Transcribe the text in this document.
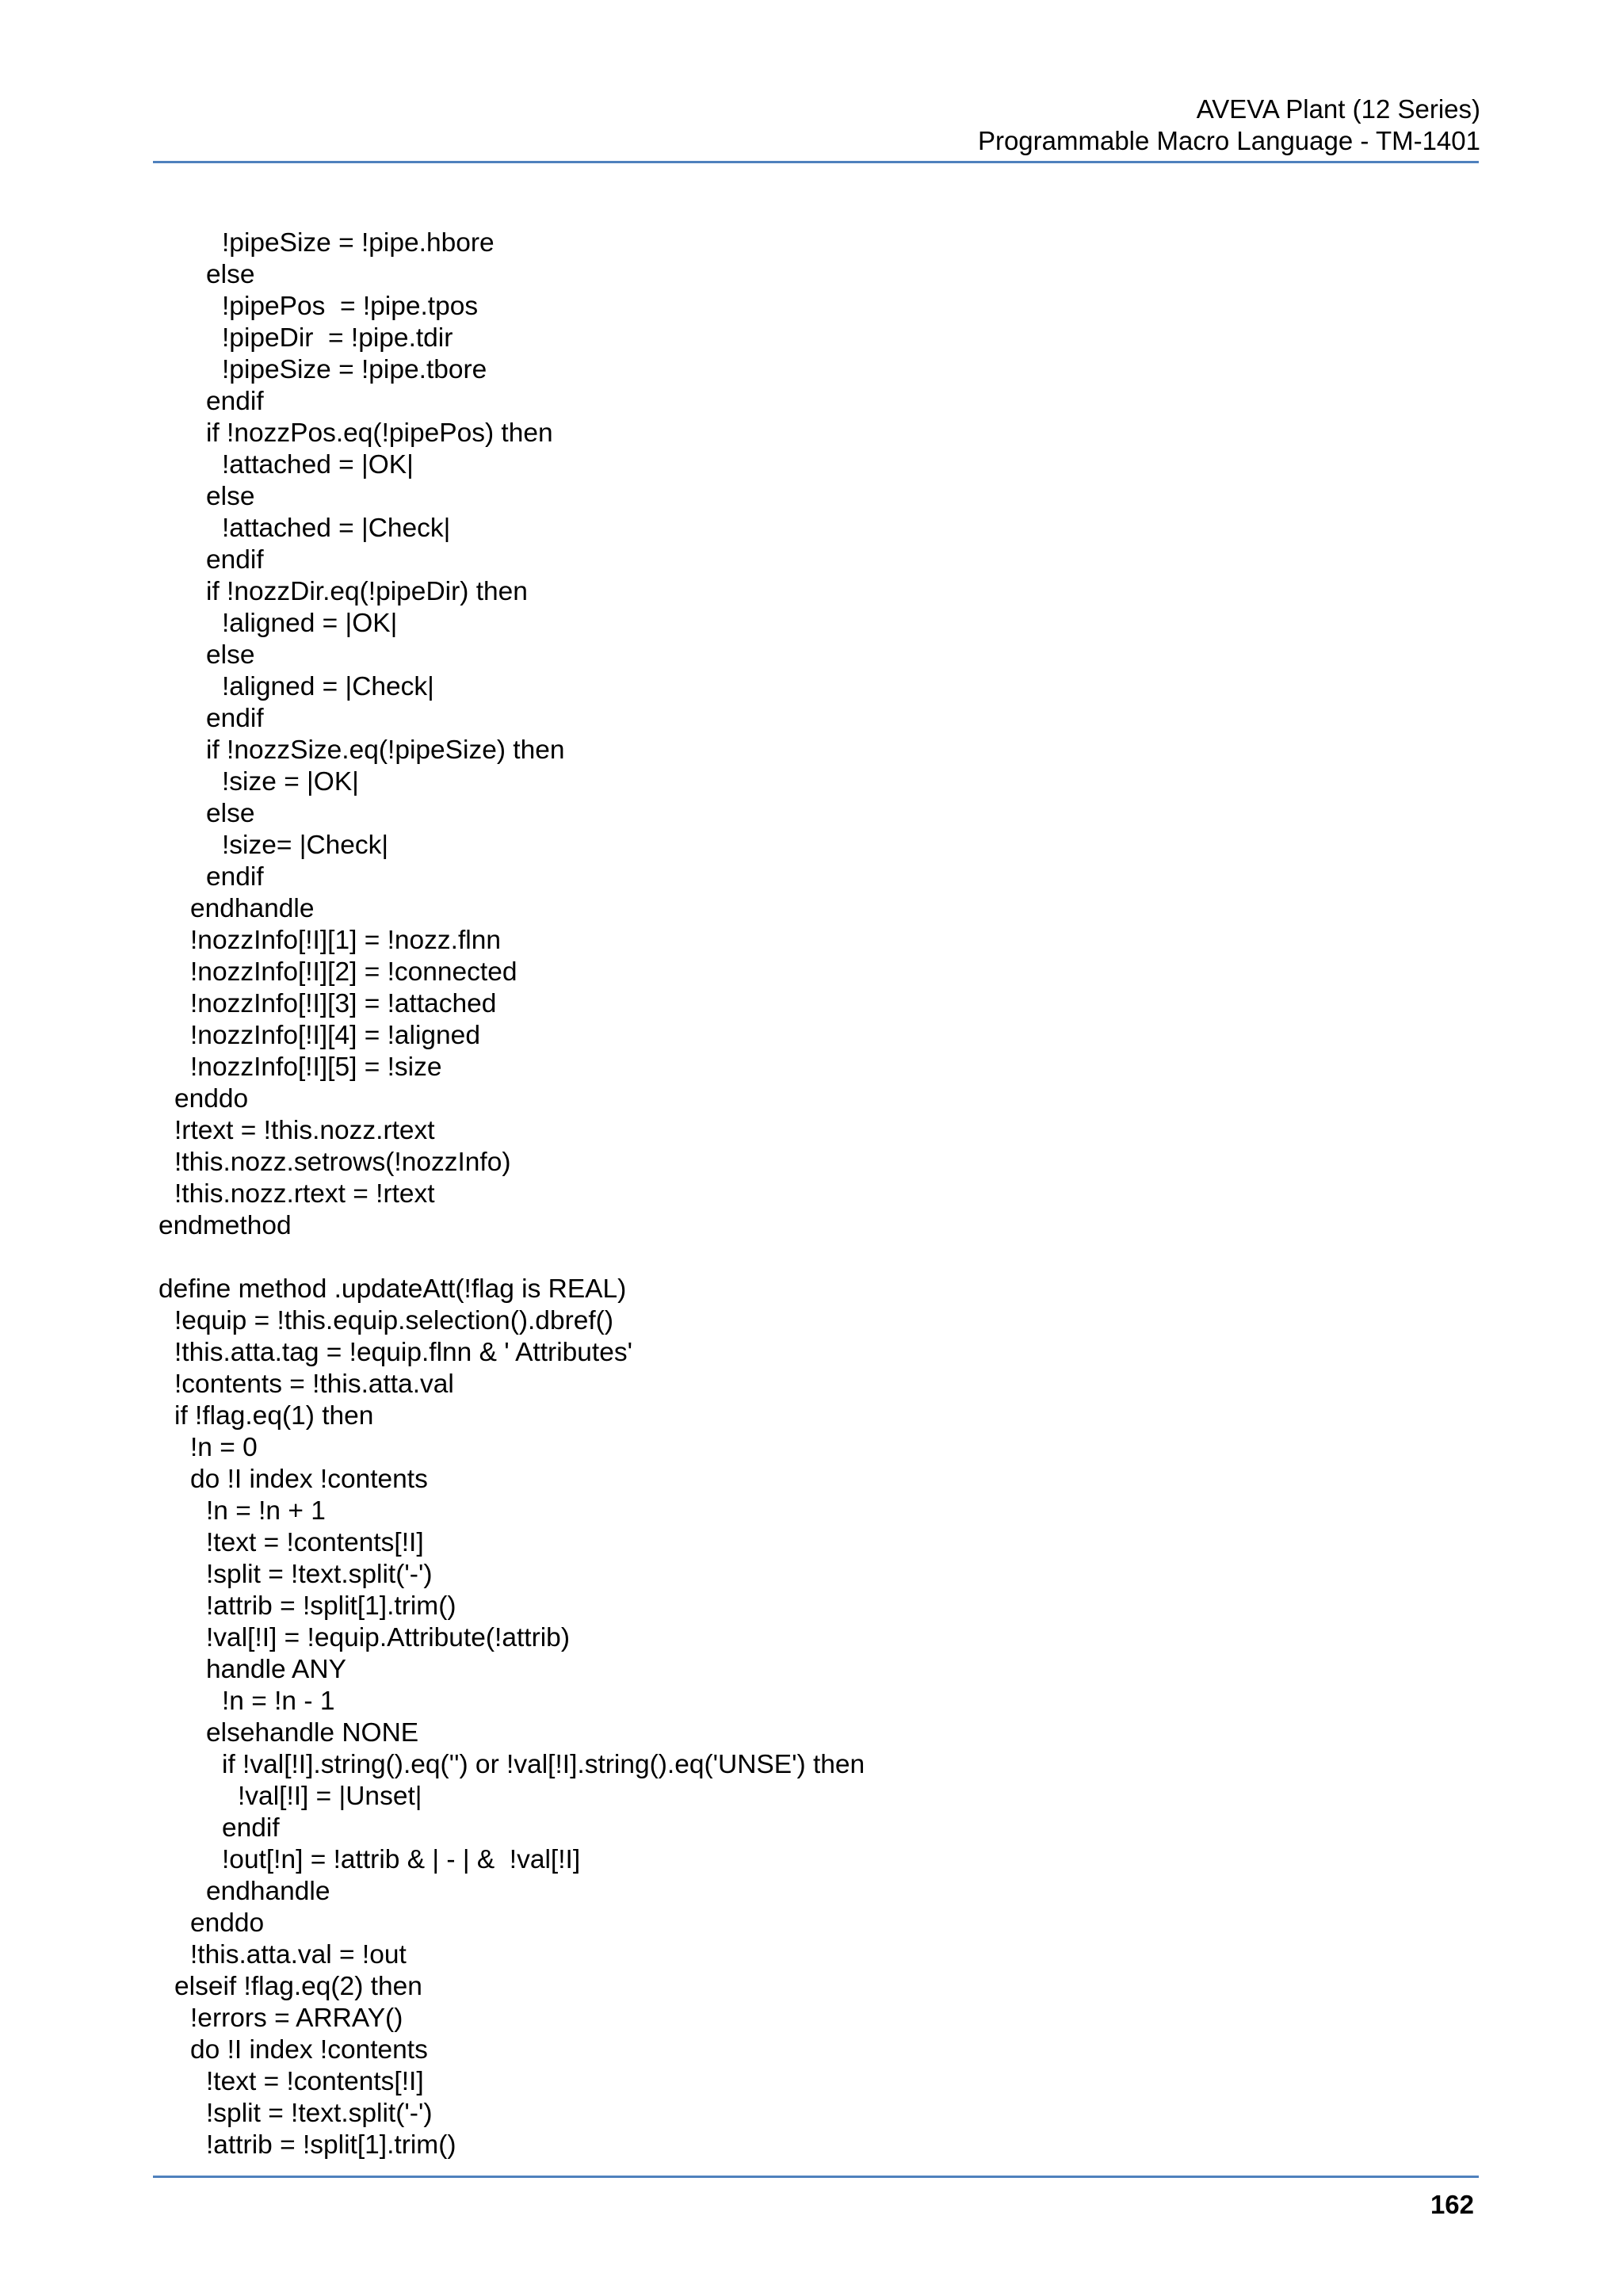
AVEVA Plant (12 Series)
Programmable Macro Language - TM-1401
!pipeSize = !pipe.hbore
else
!pipePos  = !pipe.tpos
!pipeDir  = !pipe.tdir
!pipeSize = !pipe.tbore
endif
if !nozzPos.eq(!pipePos) then
!attached = |OK|
else
!attached = |Check|
endif
if !nozzDir.eq(!pipeDir) then
!aligned = |OK|
else
!aligned = |Check|
endif
if !nozzSize.eq(!pipeSize) then
!size = |OK|
else
!size= |Check|
endif
endhandle
!nozzInfo[!I][1] = !nozz.flnn
!nozzInfo[!I][2] = !connected
!nozzInfo[!I][3] = !attached
!nozzInfo[!I][4] = !aligned
!nozzInfo[!I][5] = !size
enddo
!rtext = !this.nozz.rtext
!this.nozz.setrows(!nozzInfo)
!this.nozz.rtext = !rtext
endmethod
define method .updateAtt(!flag is REAL)
!equip = !this.equip.selection().dbref()
!this.atta.tag = !equip.flnn & ' Attributes'
!contents = !this.atta.val
if !flag.eq(1) then
!n = 0
do !I index !contents
!n = !n + 1
!text = !contents[!I]
!split = !text.split('-')
!attrib = !split[1].trim()
!val[!I] = !equip.Attribute(!attrib)
handle ANY
!n = !n - 1
elsehandle NONE
if !val[!I].string().eq('') or !val[!I].string().eq('UNSE') then
!val[!I] = |Unset|
endif
!out[!n] = !attrib & | - | &  !val[!I]
endhandle
enddo
!this.atta.val = !out
elseif !flag.eq(2) then
!errors = ARRAY()
do !I index !contents
!text = !contents[!I]
!split = !text.split('-')
!attrib = !split[1].trim()
162
